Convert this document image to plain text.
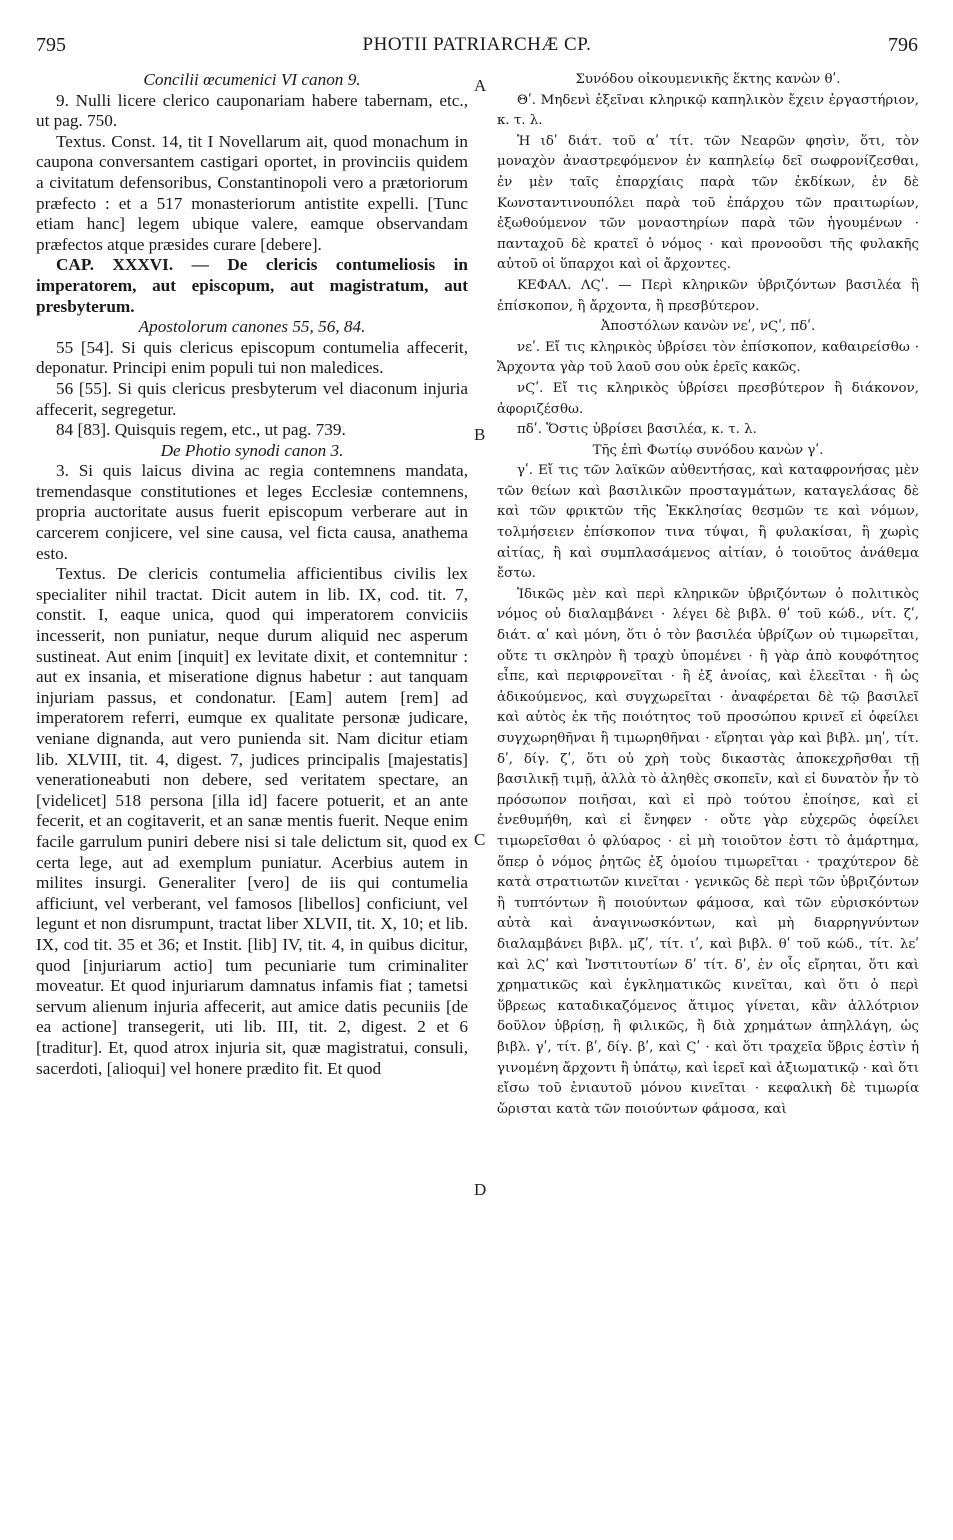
795	PHOTII PATRIARCHÆ CP.	796
A
B
C
D

Concilii œcumenici VI canon 9.

9. Nulli licere clerico cauponariam habere tabernam, etc., ut pag. 750.

Textus. Const. 14, tit I Novellarum ait, quod monachum in caupona conversantem castigari oportet, in provinciis quidem a civitatum defensoribus, Constantinopoli vero a prætoriorum præfecto : et a 517 monasteriorum antistite expelli. [Tunc etiam hanc] legem ubique valere, eamque observandam præfectos atque præsides curare [debere].

CAP. XXXVI. — De clericis contumeliosis in imperatorem, aut episcopum, aut magistratum, aut presbyterum.

Apostolorum canones 55, 56, 84.

55 [54]. Si quis clericus episcopum contumelia affecerit, deponatur. Principi enim populi tui non maledices.

56 [55]. Si quis clericus presbyterum vel diaconum injuria affecerit, segregetur.

84 [83]. Quisquis regem, etc., ut pag. 739.

De Photio synodi canon 3.

3. Si quis laicus divina ac regia contemnens mandata, tremendasque constitutiones et leges Ecclesiæ contemnens, propria auctoritate ausus fuerit episcopum verberare aut in carcerem conjicere, vel sine causa, vel ficta causa, anathema esto.

Textus. De clericis contumelia afficientibus civilis lex specialiter nihil tractat. Dicit autem in lib. IX, cod. tit. 7, constit. I, eaque unica, quod qui imperatorem conviciis incesserit, non puniatur, neque durum aliquid nec asperum sustineat. Aut enim [inquit] ex levitate dixit, et contemnitur : aut ex insania, et miseratione dignus habetur : aut tanquam injuriam passus, et condonatur. [Eam] autem [rem] ad imperatorem referri, eumque ex qualitate personæ judicare, veniane dignanda, aut vero punienda sit. Nam dicitur etiam lib. XLVIII, tit. 4, digest. 7, judices principalis [majestatis] venerationeabuti non debere, sed veritatem spectare, an [videlicet] 518 persona [illa id] facere potuerit, et an ante fecerit, et an cogitaverit, et an sanæ mentis fuerit. Neque enim facile garrulum puniri debere nisi si tale delictum sit, quod ex certa lege, aut ad exemplum puniatur. Acerbius autem in milites insurgi. Generaliter [vero] de iis qui contumelia afficiunt, vel verberant, vel famosos [libellos] conficiunt, vel legunt et non disrumpunt, tractat liber XLVII, tit. X, 10; et lib. IX, cod tit. 35 et 36; et Instit. [lib] IV, tit. 4, in quibus dicitur, quod [injuriarum actio] tum pecuniarie tum criminaliter moveatur. Et quod injuriarum damnatus infamis fiat ; tametsi servum alienum injuria affecerit, aut amice datis pecuniis [de ea actione] transegerit, uti lib. III, tit. 2, digest. 2 et 6 [traditur]. Et, quod atrox injuria sit, quæ magistratui, consuli, sacerdoti, [alioqui] vel honere prædito fit. Et quod

Συνόδου οἰκουμενικῆς ἕκτης κανὼν θʹ.

Θʹ. Μηδενὶ ἐξεῖναι κληρικῷ καπηλικὸν ἔχειν ἐργαστήριον, κ. τ. λ.

Ἡ ιδʹ διάτ. τοῦ αʹ τίτ. τῶν Νεαρῶν φησὶν, ὅτι, τὸν μοναχὸν ἀναστρεφόμενον ἐν καπηλείῳ δεῖ σωφρονίζεσθαι, ἐν μὲν ταῖς ἐπαρχίαις παρὰ τῶν ἐκδίκων, ἐν δὲ Κωνσταντινουπόλει παρὰ τοῦ ἐπάρχου τῶν πραιτωρίων, ἐξωθούμενον τῶν μοναστηρίων παρὰ τῶν ἡγουμένων · πανταχοῦ δὲ κρατεῖ ὁ νόμος · καὶ προνοοῦσι τῆς φυλακῆς αὐτοῦ οἱ ὕπαρχοι καὶ οἱ ἄρχοντες.

ΚΕΦΑΛ. ΛϚʹ. — Περὶ κληρικῶν ὑβριζόντων βασιλέα ἢ ἐπίσκοπον, ἢ ἄρχοντα, ἢ πρεσβύτερον.

Ἀποστόλων κανὼν νεʹ, νϚʹ, πδʹ.

νεʹ. Εἴ τις κληρικὸς ὑβρίσει τὸν ἐπίσκοπον, καθαιρείσθω · Ἄρχοντα γὰρ τοῦ λαοῦ σου οὐκ ἐρεῖς κακῶς.

νϚʹ. Εἴ τις κληρικὸς ὑβρίσει πρεσβύτερον ἢ διάκονον, ἀφοριζέσθω.

πδʹ. Ὅστις ὑβρίσει βασιλέα, κ. τ. λ.

Τῆς ἐπὶ Φωτίῳ συνόδου κανὼν γʹ.

γʹ. Εἴ τις τῶν λαϊκῶν αὐθεντήσας, καὶ καταφρονήσας μὲν τῶν θείων καὶ βασιλικῶν προσταγμάτων, καταγελάσας δὲ καὶ τῶν φρικτῶν τῆς Ἐκκλησίας θεσμῶν τε καὶ νόμων, τολμήσειεν ἐπίσκοπον τινα τύψαι, ἢ φυλακίσαι, ἢ χωρὶς αἰτίας, ἢ καὶ συμπλασάμενος αἰτίαν, ὁ τοιοῦτος ἀνάθεμα ἔστω.

Ἰδικῶς μὲν καὶ περὶ κληρικῶν ὑβριζόντων ὁ πολιτικὸς νόμος οὐ διαλαμβάνει · λέγει δὲ βιβλ. θʹ τοῦ κώδ., νίτ. ζʹ, διάτ. αʹ καὶ μόνη, ὅτι ὁ τὸν βασιλέα ὑβρίζων οὐ τιμωρεῖται, οὔτε τι σκληρὸν ἢ τραχὺ ὑπομένει · ἢ γὰρ ἀπὸ κουφότητος εἶπε, καὶ περιφρονεῖται · ἢ ἐξ ἀνοίας, καὶ ἐλεεῖται · ἢ ὡς ἀδικούμενος, καὶ συγχωρεῖται · ἀναφέρεται δὲ τῷ βασιλεῖ καὶ αὐτὸς ἐκ τῆς ποιότητος τοῦ προσώπου κρινεῖ εἰ ὀφείλει συγχωρηθῆναι ἢ τιμωρηθῆναι · εἴρηται γὰρ καὶ βιβλ. μηʹ, τίτ. δʹ, δίγ. ζʹ, ὅτι οὐ χρὴ τοὺς δικαστὰς ἀποκεχρῆσθαι τῇ βασιλικῇ τιμῇ, ἀλλὰ τὸ ἀληθὲς σκοπεῖν, καὶ εἰ δυνατὸν ἦν τὸ πρόσωπον ποιῆσαι, καὶ εἰ πρὸ τούτου ἐποίησε, καὶ εἰ ἐνεθυμήθη, καὶ εἰ ἔνηφεν · οὔτε γὰρ εὐχερῶς ὀφείλει τιμωρεῖσθαι ὁ φλύαρος · εἰ μὴ τοιοῦτον ἐστι τὸ ἁμάρτημα, ὅπερ ὁ νόμος ῥητῶς ἐξ ὁμοίου τιμωρεῖται · τραχύτερον δὲ κατὰ στρατιωτῶν κινεῖται · γενικῶς δὲ περὶ τῶν ὑβριζόντων ἢ τυπτόντων ἢ ποιούντων φάμοσα, καὶ τῶν εὑρισκόντων αὐτὰ καὶ ἀναγινωσκόντων, καὶ μὴ διαρρηγνύντων διαλαμβάνει βιβλ. μζʹ, τίτ. ιʹ, καὶ βιβλ. θʹ τοῦ κώδ., τίτ. λεʹ καὶ λϚʹ καὶ Ἰνστιτουτίων δʹ τίτ. δʹ, ἐν οἷς εἴρηται, ὅτι καὶ χρηματικῶς καὶ ἐγκληματικῶς κινεῖται, καὶ ὅτι ὁ περὶ ὕβρεως καταδικαζόμενος ἄτιμος γίνεται, κἂν ἀλλότριον δοῦλον ὑβρίσῃ, ἢ φιλικῶς, ἢ διὰ χρημάτων ἀπηλλάγη, ὡς βιβλ. γʹ, τίτ. βʹ, δίγ. βʹ, καὶ Ϛʹ · καὶ ὅτι τραχεῖα ὕβρις ἐστὶν ἡ γινομένη ἄρχοντι ἢ ὑπάτῳ, καὶ ἱερεῖ καὶ ἀξιωματικῷ · καὶ ὅτι εἴσω τοῦ ἐνιαυτοῦ μόνου κινεῖται · κεφαλικὴ δὲ τιμωρία ὥρισται κατὰ τῶν ποιούντων φάμοσα, καὶ
